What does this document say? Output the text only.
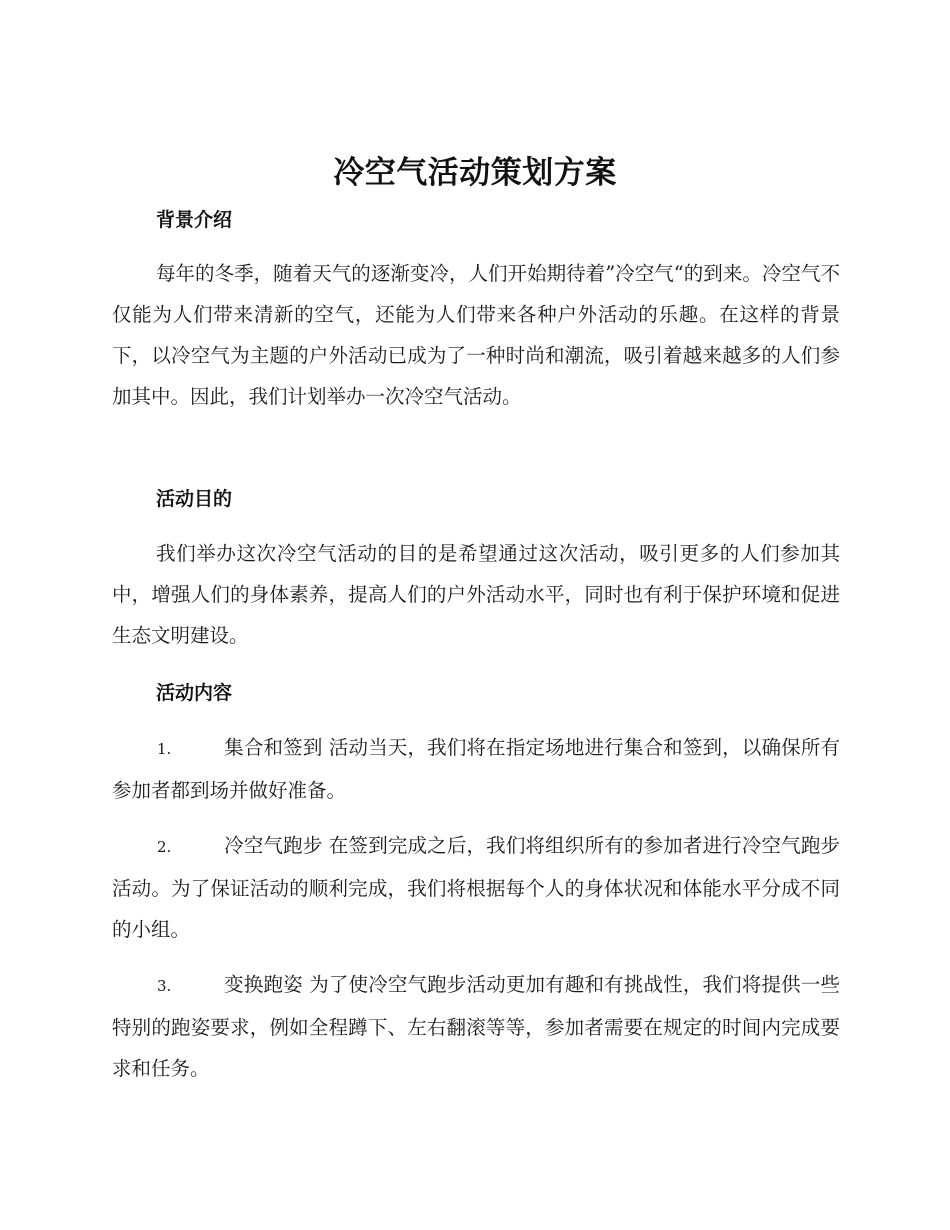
冷空气活动策划方案
背景介绍

每年的冬季，随着天气的逐渐变冷，人们开始期待着”冷空气“的到来。冷空气不仅能为人们带来清新的空气，还能为人们带来各种户外活动的乐趣。在这样的背景下，以冷空气为主题的户外活动已成为了一种时尚和潮流，吸引着越来越多的人们参加其中。因此，我们计划举办一次冷空气活动。

活动目的

我们举办这次冷空气活动的目的是希望通过这次活动，吸引更多的人们参加其中，增强人们的身体素养，提高人们的户外活动水平，同时也有利于保护环境和促进生态文明建设。

活动内容

1.	集合和签到 活动当天，我们将在指定场地进行集合和签到，以确保所有参加者都到场并做好准备。

2.	冷空气跑步 在签到完成之后，我们将组织所有的参加者进行冷空气跑步活动。为了保证活动的顺利完成，我们将根据每个人的身体状况和体能水平分成不同的小组。

3.	变换跑姿 为了使冷空气跑步活动更加有趣和有挑战性，我们将提供一些特别的跑姿要求，例如全程蹲下、左右翻滚等等，参加者需要在规定的时间内完成要求和任务。
